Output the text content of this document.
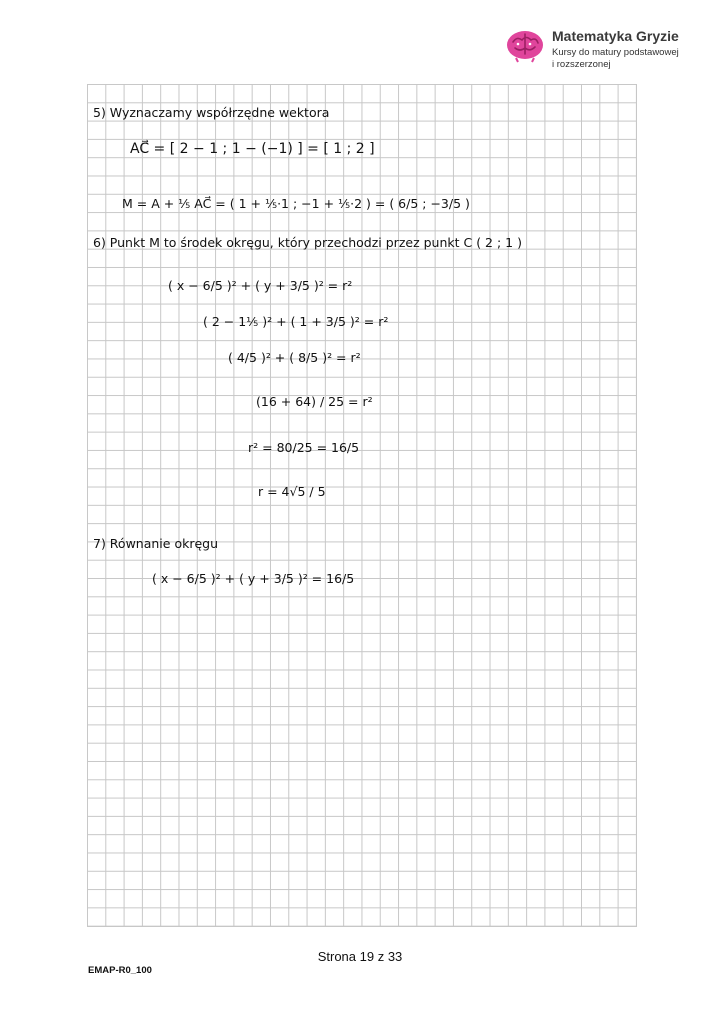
Matematyka Gryzie
Kursy do matury podstawowej
i rozszerzonej
5) Wyznaczamy współrzędne wektora
AC⃗ = [ 2 − 1 ; 1 − (−1) ] = [ 1 ; 2 ]
M = A + ⅕ AC⃗ = ( 1 + ⅕·1 ; −1 + ⅕·2 ) = ( 6/5 ; −3/5 )
6) Punkt M to środek okręgu, który przechodzi przez punkt C ( 2 ; 1 )
( x − 6/5 )² + ( y + 3/5 )² = r²
( 2 − 1⅕ )² + ( 1 + 3/5 )² = r²
( 4/5 )² + ( 8/5 )² = r²
(16 + 64) / 25 = r²
r² = 80/25 = 16/5
r = 4√5 / 5
7) Równanie okręgu
( x − 6/5 )² + ( y + 3/5 )² = 16/5
Strona 19 z 33
EMAP-R0_100
